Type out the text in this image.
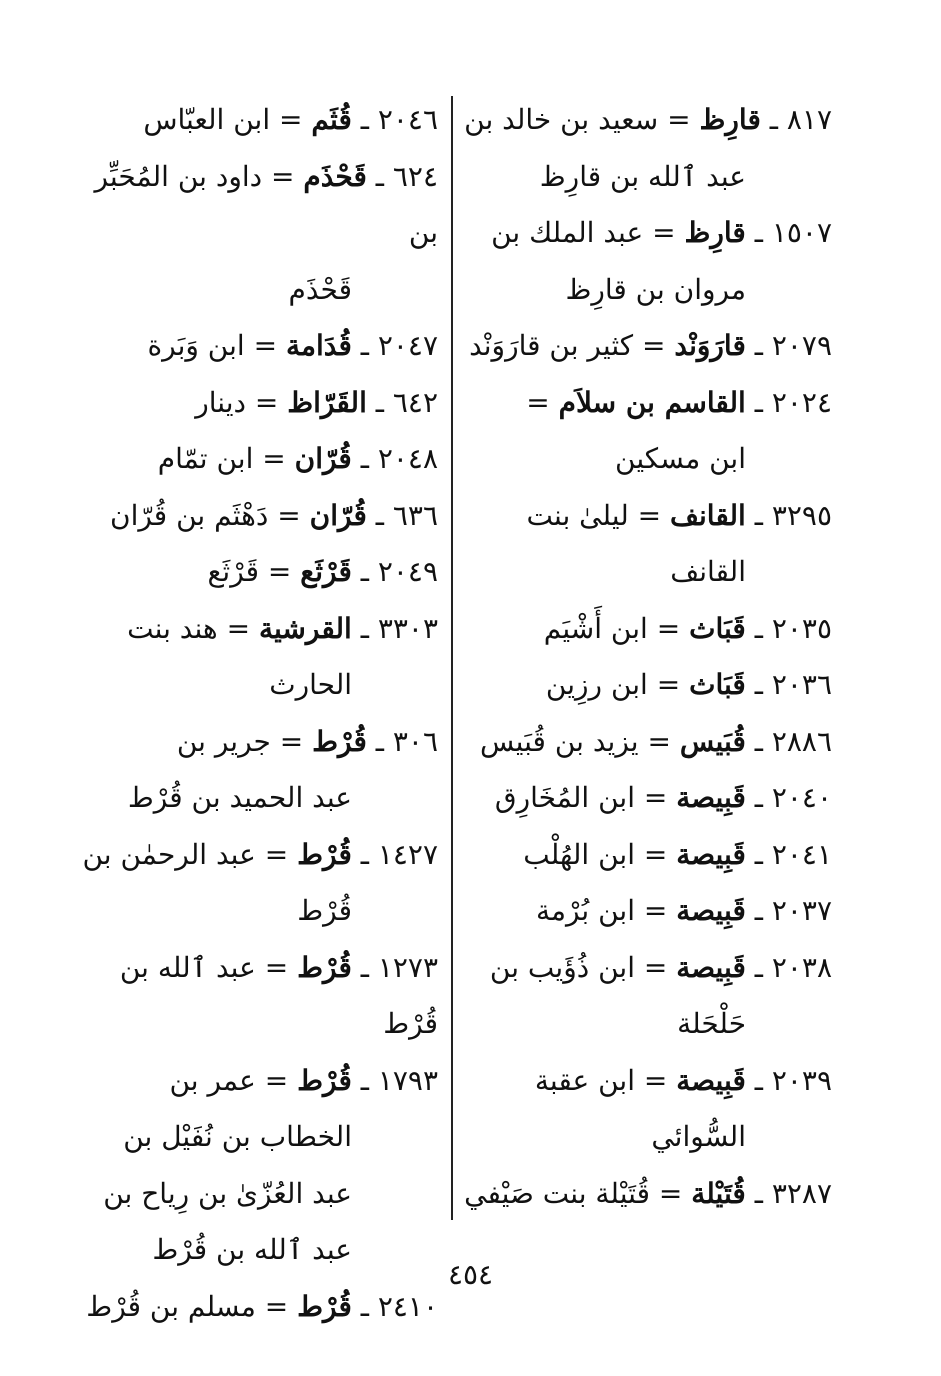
٨١٧ ـ قارِظ = سعيد بن خالد بن
عبد ٱلله بن قارِظ

١٥٠٧ ـ قارِظ = عبد الملك بن
مروان بن قارِظ

٢٠٧٩ ـ قارَوَنْد = كثير بن قارَوَنْد

٢٠٢٤ ـ القاسم بن سلاَم =
ابن مسكين

٣٢٩٥ ـ القانف = ليلىٰ بنت
القانف

٢٠٣٥ ـ قَبَاث = ابن أَشْيَم

٢٠٣٦ ـ قَبَاث = ابن رزِين

٢٨٨٦ ـ قُبَيس = يزيد بن قُبَيس

٢٠٤٠ ـ قَبِيصة = ابن المُخَارِق

٢٠٤١ ـ قَبِيصة = ابن الهُلْب

٢٠٣٧ ـ قَبِيصة = ابن بُرْمة

٢٠٣٨ ـ قَبِيصة = ابن ذُؤَيب بن
حَلْحَلة

٢٠٣٩ ـ قَبِيصة = ابن عقبة
السُّوائي

٣٢٨٧ ـ قُتَيْلة = قُتَيْلة بنت صَيْفي

٢٠٤٦ ـ قُثَم = ابن العبّاس

٦٢٤ ـ قَحْذَم = داود بن المُحَبِّر بن
قَحْذَم

٢٠٤٧ ـ قُدَامة = ابن وَبَرة

٦٤٢ ـ القَرّاظ = دينار

٢٠٤٨ ـ قُرّان = ابن تمّام

٦٣٦ ـ قُرّان = دَهْثَم بن قُرّان

٢٠٤٩ ـ قَرْثَع = قَرْثَع

٣٣٠٣ ـ القرشية = هند بنت
الحارث

٣٠٦ ـ قُرْط = جرير بن
عبد الحميد بن قُرْط

١٤٢٧ ـ قُرْط = عبد الرحمٰن بن
قُرْط

١٢٧٣ ـ قُرْط = عبد ٱلله بن قُرْط

١٧٩٣ ـ قُرْط = عمر بن
الخطاب بن نُفَيْل بن
عبد العُزّىٰ بن رِياح بن
عبد ٱلله بن قُرْط

٢٤١٠ ـ قُرْط = مسلم بن قُرْط

٤٥٤
